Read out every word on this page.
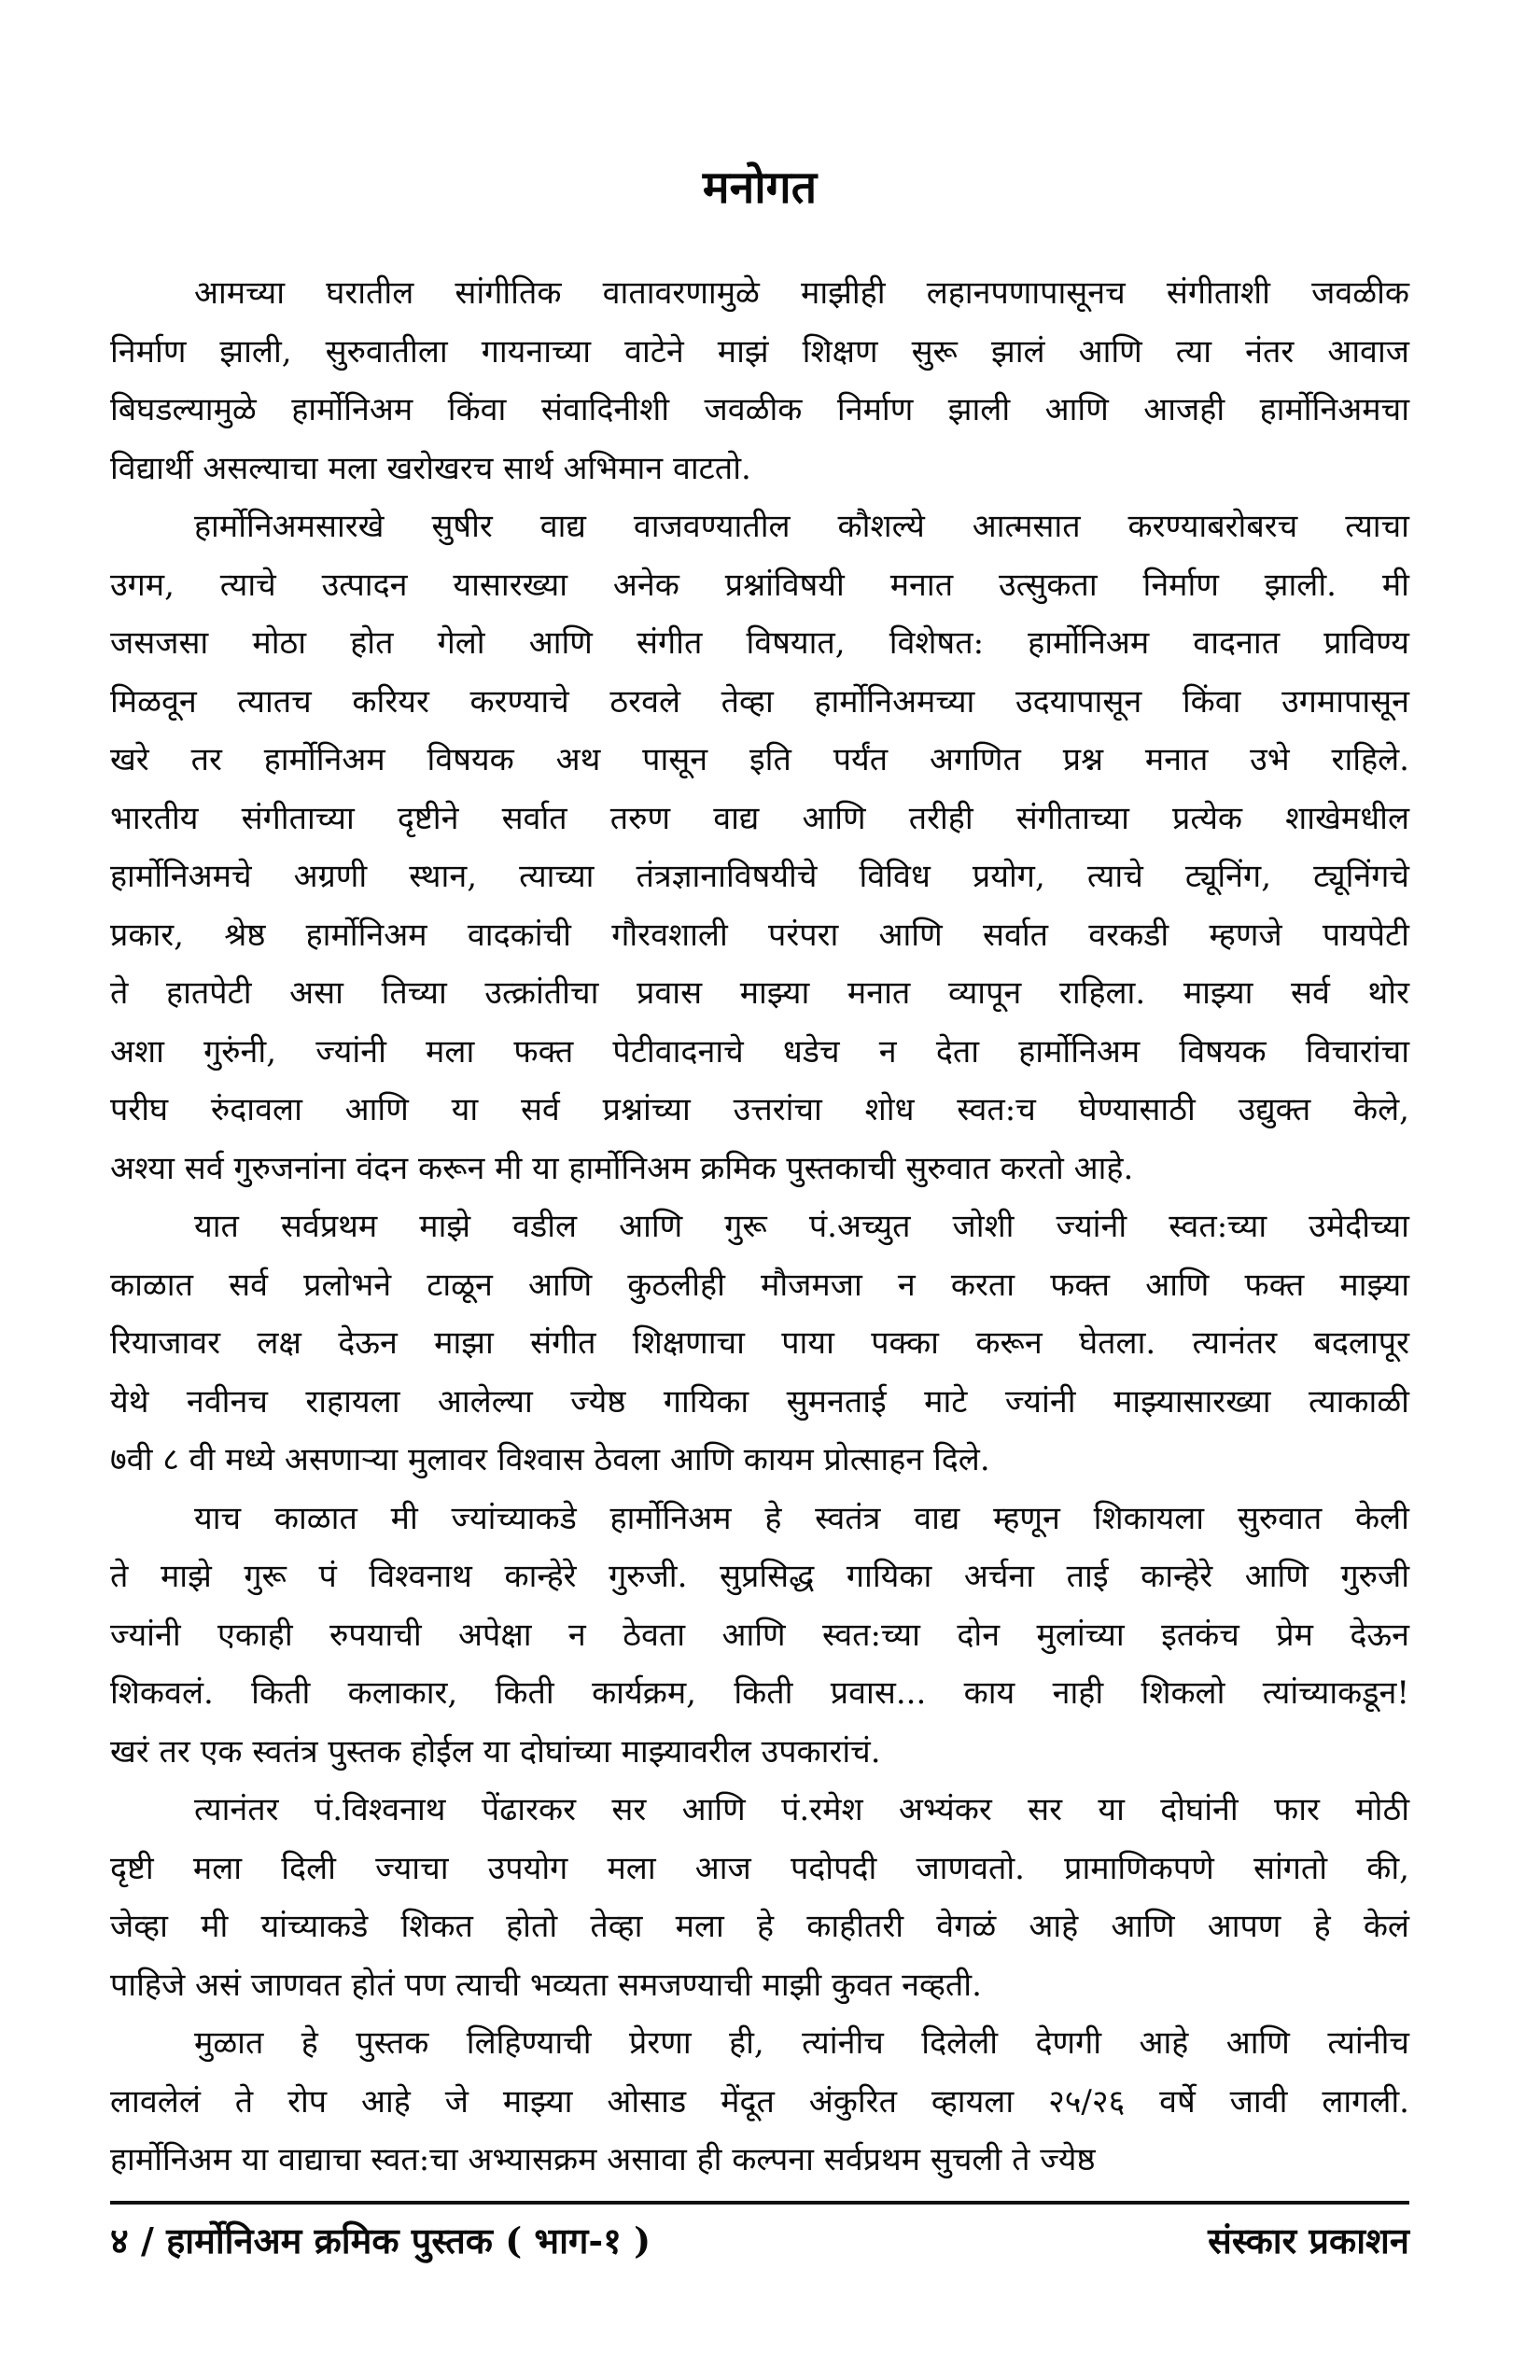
मनोगत

आमच्या घरातील सांगीतिक वातावरणामुळे माझीही लहानपणापासूनच संगीताशी जवळीक
निर्माण झाली, सुरुवातीला गायनाच्या वाटेने माझं शिक्षण सुरू झालं आणि त्या नंतर आवाज
बिघडल्यामुळे हार्मोनिअम किंवा संवादिनीशी जवळीक निर्माण झाली आणि आजही हार्मोनिअमचा
विद्यार्थी असल्याचा मला खरोखरच सार्थ अभिमान वाटतो.

हार्मोनिअमसारखे सुषीर वाद्य वाजवण्यातील कौशल्ये आत्मसात करण्याबरोबरच त्याचा
उगम, त्याचे उत्पादन यासारख्या अनेक प्रश्नांविषयी मनात उत्सुकता निर्माण झाली. मी
जसजसा मोठा होत गेलो आणि संगीत विषयात, विशेषत: हार्मोनिअम वादनात प्राविण्य
मिळवून त्यातच करियर करण्याचे ठरवले तेव्हा हार्मोनिअमच्या उदयापासून किंवा उगमापासून
खरे तर हार्मोनिअम विषयक अथ पासून इति पर्यंत अगणित प्रश्न मनात उभे राहिले.
भारतीय संगीताच्या दृष्टीने सर्वात तरुण वाद्य आणि तरीही संगीताच्या प्रत्येक शाखेमधील
हार्मोनिअमचे अग्रणी स्थान, त्याच्या तंत्रज्ञानाविषयीचे विविध प्रयोग, त्याचे ट्यूनिंग, ट्यूनिंगचे
प्रकार, श्रेष्ठ हार्मोनिअम वादकांची गौरवशाली परंपरा आणि सर्वात वरकडी म्हणजे पायपेटी
ते हातपेटी असा तिच्या उत्क्रांतीचा प्रवास माझ्या मनात व्यापून राहिला. माझ्या सर्व थोर
अशा गुरुंनी, ज्यांनी मला फक्त पेटीवादनाचे धडेच न देता हार्मोनिअम विषयक विचारांचा
परीघ रुंदावला आणि या सर्व प्रश्नांच्या उत्तरांचा शोध स्वत:च घेण्यासाठी उद्युक्त केले,
अश्या सर्व गुरुजनांना वंदन करून मी या हार्मोनिअम क्रमिक पुस्तकाची सुरुवात करतो आहे.

यात सर्वप्रथम माझे वडील आणि गुरू पं.अच्युत जोशी ज्यांनी स्वत:च्या उमेदीच्या
काळात सर्व प्रलोभने टाळून आणि कुठलीही मौजमजा न करता फक्त आणि फक्त माझ्या
रियाजावर लक्ष देऊन माझा संगीत शिक्षणाचा पाया पक्का करून घेतला. त्यानंतर बदलापूर
येथे नवीनच राहायला आलेल्या ज्येष्ठ गायिका सुमनताई माटे ज्यांनी माझ्यासारख्या त्याकाळी
७वी ८ वी मध्ये असणाऱ्या मुलावर विश्वास ठेवला आणि कायम प्रोत्साहन दिले.

याच काळात मी ज्यांच्याकडे हार्मोनिअम हे स्वतंत्र वाद्य म्हणून शिकायला सुरुवात केली
ते माझे गुरू पं विश्वनाथ कान्हेरे गुरुजी. सुप्रसिद्ध गायिका अर्चना ताई कान्हेरे आणि गुरुजी
ज्यांनी एकाही रुपयाची अपेक्षा न ठेवता आणि स्वत:च्या दोन मुलांच्या इतकंच प्रेम देऊन
शिकवलं. किती कलाकार, किती कार्यक्रम, किती प्रवास... काय नाही शिकलो त्यांच्याकडून!
खरं तर एक स्वतंत्र पुस्तक होईल या दोघांच्या माझ्यावरील उपकारांचं.

त्यानंतर पं.विश्वनाथ पेंढारकर सर आणि पं.रमेश अभ्यंकर सर या दोघांनी फार मोठी
दृष्टी मला दिली ज्याचा उपयोग मला आज पदोपदी जाणवतो. प्रामाणिकपणे सांगतो की,
जेव्हा मी यांच्याकडे शिकत होतो तेव्हा मला हे काहीतरी वेगळं आहे आणि आपण हे केलं
पाहिजे असं जाणवत होतं पण त्याची भव्यता समजण्याची माझी कुवत नव्हती.

मुळात हे पुस्तक लिहिण्याची प्रेरणा ही, त्यांनीच दिलेली देणगी आहे आणि त्यांनीच
लावलेलं ते रोप आहे जे माझ्या ओसाड मेंदूत अंकुरित व्हायला २५/२६ वर्षे जावी लागली.
हार्मोनिअम या वाद्याचा स्वत:चा अभ्यासक्रम असावा ही कल्पना सर्वप्रथम सुचली ते ज्येष्ठ

४ / हार्मोनिअम क्रमिक पुस्तक ( भाग-१ )	संस्कार प्रकाशन
